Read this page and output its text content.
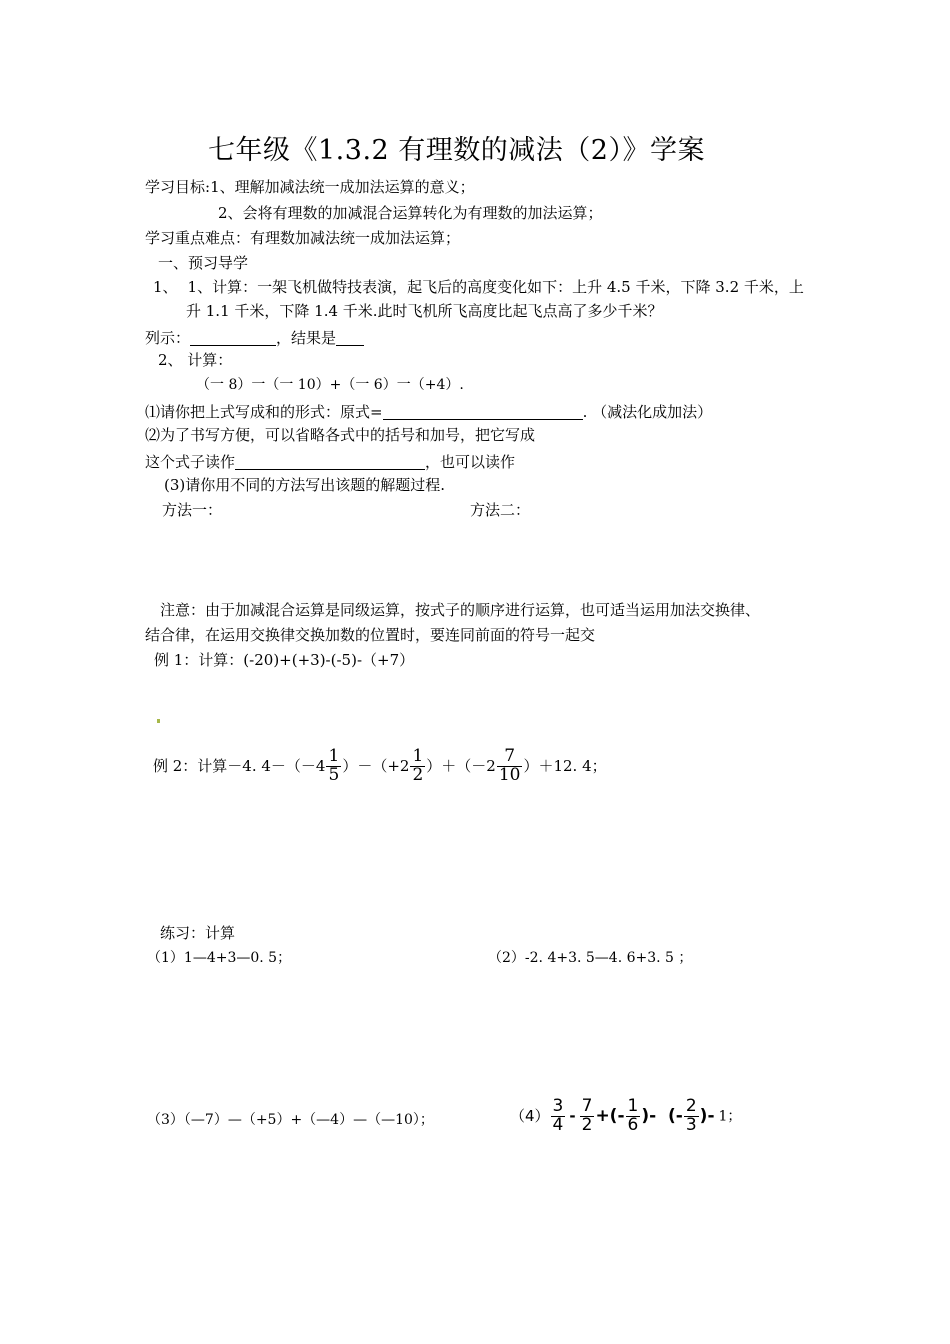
七年级《1.3.2 有理数的减法（2）》学案
学习目标:1、理解加减法统一成加法运算的意义；
2、会将有理数的加减混合运算转化为有理数的加法运算；
学习重点难点：有理数加减法统一成加法运算；
一、预习导学
1、 1、计算：一架飞机做特技表演，起飞后的高度变化如下：上升 4.5 千米，下降 3.2 千米，上
升 1.1 千米，下降 1.4 千米.此时飞机所飞高度比起飞点高了多少千米？
列示：	，结果是
2、 计算：
（一 8）一（一 10）+（一 6）一（+4）.
⑴请你把上式写成和的形式：原式=	. （减法化成加法）
⑵为了书写方便，可以省略各式中的括号和加号，把它写成
这个式子读作	，也可以读作
(3)请你用不同的方法写出该题的解题过程.
方法一：	方法二：
注意：由于加减混合运算是同级运算，按式子的顺序进行运算，也可适当运用加法交换律、
结合律，在运用交换律交换加数的位置时，要连同前面的符号一起交
例 1：计算：(-20)+(+3)-(-5)-（+7）
例 2：计算－4. $4-(-4 \frac{1}{5} )-(+2 \frac{1}{2} )+(-2 \frac{7}{10} )+12$. 4；
练习：计算
（1）1—4+3—0. 5；	（2）-2. 4+3. 5—4. 6+3. 5 ；
（3）（—7）—（+5）+（—4）—（—10）；	$(4) \frac{3}{4} - \frac{7}{2}$ +(- $\frac{1}{6}$ )-  (- $\frac{2}{3}$ )- 1；
